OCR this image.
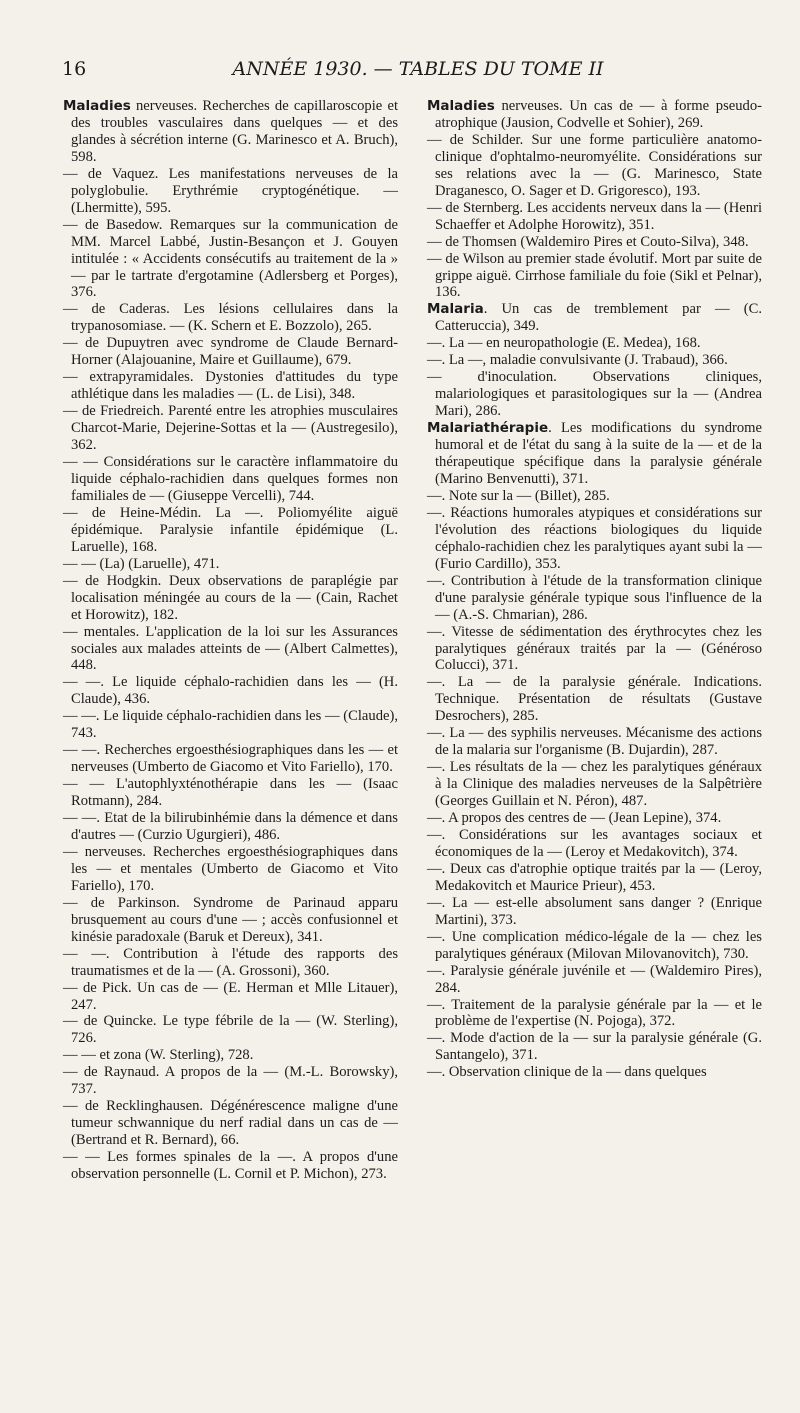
16	ANNÉE 1930. — TABLES DU TOME II

Maladies nerveuses. Recherches de capillaroscopie et des troubles vasculaires dans quelques — et des glandes à sécrétion interne (G. Marinesco et A. Bruch), 598.

— de Vaquez. Les manifestations nerveuses de la polyglobulie. Erythrémie cryptogénétique. — (Lhermitte), 595.

— de Basedow. Remarques sur la communication de MM. Marcel Labbé, Justin-Besançon et J. Gouyen intitulée : « Accidents consécutifs au traitement de la » — par le tartrate d'ergotamine (Adlersberg et Porges), 376.

— de Caderas. Les lésions cellulaires dans la trypanosomiase. — (K. Schern et E. Bozzolo), 265.

— de Dupuytren avec syndrome de Claude Bernard-Horner (Alajouanine, Maire et Guillaume), 679.

— extrapyramidales. Dystonies d'attitudes du type athlétique dans les maladies — (L. de Lisi), 348.

— de Friedreich. Parenté entre les atrophies musculaires Charcot-Marie, Dejerine-Sottas et la — (Austregesilo), 362.

— — Considérations sur le caractère inflammatoire du liquide céphalo-rachidien dans quelques formes non familiales de — (Giuseppe Vercelli), 744.

— de Heine-Médin. La —. Poliomyélite aiguë épidémique. Paralysie infantile épidémique (L. Laruelle), 168.

— — (La) (Laruelle), 471.

— de Hodgkin. Deux observations de paraplégie par localisation méningée au cours de la — (Cain, Rachet et Horowitz), 182.

— mentales. L'application de la loi sur les Assurances sociales aux malades atteints de — (Albert Calmettes), 448.

— —. Le liquide céphalo-rachidien dans les — (H. Claude), 436.

— —. Le liquide céphalo-rachidien dans les — (Claude), 743.

— —. Recherches ergoesthésiographiques dans les — et nerveuses (Umberto de Giacomo et Vito Fariello), 170.

— — L'autophlyxténothérapie dans les — (Isaac Rotmann), 284.

— —. Etat de la bilirubinhémie dans la démence et dans d'autres — (Curzio Ugurgieri), 486.

— nerveuses. Recherches ergoesthésiographiques dans les — et mentales (Umberto de Giacomo et Vito Fariello), 170.

— de Parkinson. Syndrome de Parinaud apparu brusquement au cours d'une — ; accès confusionnel et kinésie paradoxale (Baruk et Dereux), 341.

— —. Contribution à l'étude des rapports des traumatismes et de la — (A. Grossoni), 360.

— de Pick. Un cas de — (E. Herman et Mlle Litauer), 247.

— de Quincke. Le type fébrile de la — (W. Sterling), 726.

— — et zona (W. Sterling), 728.

— de Raynaud. A propos de la — (M.-L. Borowsky), 737.

— de Recklinghausen. Dégénérescence maligne d'une tumeur schwannique du nerf radial dans un cas de — (Bertrand et R. Bernard), 66.

— — Les formes spinales de la —. A propos d'une observation personnelle (L. Cornil et P. Michon), 273.

Maladies nerveuses. Un cas de — à forme pseudo-atrophique (Jausion, Codvelle et Sohier), 269.

— de Schilder. Sur une forme particulière anatomo-clinique d'ophtalmo-neuromyélite. Considérations sur ses relations avec la — (G. Marinesco, State Draganesco, O. Sager et D. Grigoresco), 193.

— de Sternberg. Les accidents nerveux dans la — (Henri Schaeffer et Adolphe Horowitz), 351.

— de Thomsen (Waldemiro Pires et Couto-Silva), 348.

— de Wilson au premier stade évolutif. Mort par suite de grippe aiguë. Cirrhose familiale du foie (Sikl et Pelnar), 136.

Malaria. Un cas de tremblement par — (C. Catteruccia), 349.

—. La — en neuropathologie (E. Medea), 168.

—. La —, maladie convulsivante (J. Trabaud), 366.

— d'inoculation. Observations cliniques, malariologiques et parasitologiques sur la — (Andrea Mari), 286.

Malariathérapie. Les modifications du syndrome humoral et de l'état du sang à la suite de la — et de la thérapeutique spécifique dans la paralysie générale (Marino Benvenutti), 371.

—. Note sur la — (Billet), 285.

—. Réactions humorales atypiques et considérations sur l'évolution des réactions biologiques du liquide céphalo-rachidien chez les paralytiques ayant subi la — (Furio Cardillo), 353.

—. Contribution à l'étude de la transformation clinique d'une paralysie générale typique sous l'influence de la — (A.-S. Chmarian), 286.

—. Vitesse de sédimentation des érythrocytes chez les paralytiques généraux traités par la — (Généroso Colucci), 371.

—. La — de la paralysie générale. Indications. Technique. Présentation de résultats (Gustave Desrochers), 285.

—. La — des syphilis nerveuses. Mécanisme des actions de la malaria sur l'organisme (B. Dujardin), 287.

—. Les résultats de la — chez les paralytiques généraux à la Clinique des maladies nerveuses de la Salpêtrière (Georges Guillain et N. Péron), 487.

—. A propos des centres de — (Jean Lepine), 374.

—. Considérations sur les avantages sociaux et économiques de la — (Leroy et Medakovitch), 374.

—. Deux cas d'atrophie optique traités par la — (Leroy, Medakovitch et Maurice Prieur), 453.

—. La — est-elle absolument sans danger ? (Enrique Martini), 373.

—. Une complication médico-légale de la — chez les paralytiques généraux (Milovan Milovanovitch), 730.

—. Paralysie générale juvénile et — (Waldemiro Pires), 284.

—. Traitement de la paralysie générale par la — et le problème de l'expertise (N. Pojoga), 372.

—. Mode d'action de la — sur la paralysie générale (G. Santangelo), 371.

—. Observation clinique de la — dans quelques
